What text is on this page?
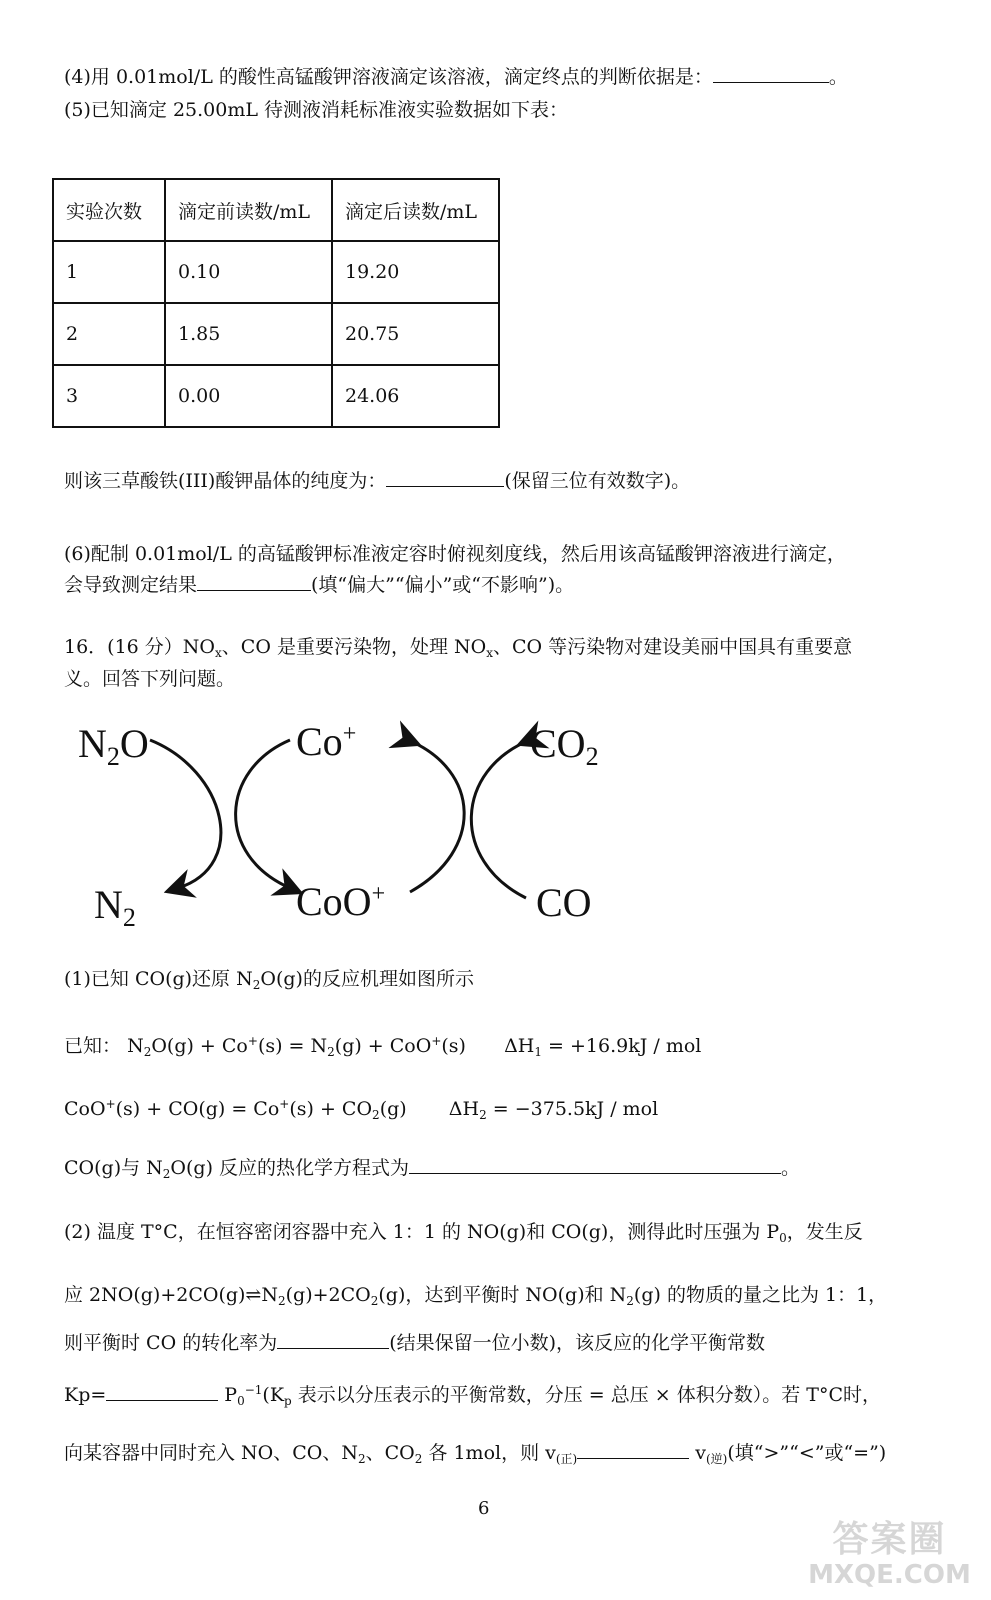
(4)用 0.01mol/L 的酸性高锰酸钾溶液滴定该溶液，滴定终点的判断依据是：	。
(5)已知滴定 25.00mL 待测液消耗标准液实验数据如下表：
实验次数	滴定前读数/mL	滴定后读数/mL
1	0.10	19.20
2	1.85	20.75
3	0.00	24.06
则该三草酸铁(III)酸钾晶体的纯度为：	(保留三位有效数字)。
(6)配制 0.01mol/L 的高锰酸钾标准液定容时俯视刻度线，然后用该高锰酸钾溶液进行滴定，
会导致测定结果	(填“偏大”“偏小”或“不影响”)。
16．(16 分）$NO_x$、CO 是重要污染物，处理 $NO_x$、CO 等污染物对建设美丽中国具有重要意
义。回答下列问题。
$N_2O$	Co+	$CO_2$
$N_2$	CoO+	CO
(1)已知 CO(g)还原 $N_2O(g)$的反应机理如图所示
已知： $N_2O(g) + Co^+(s) = N_2(g) + CoO^+(s) \Delta H_1 = +16.9kJ$ / mol
$CoO^+(s) + CO(g) = Co^+(s) + CO_2(g) \Delta H_2 = -375.5kJ$ / mol
CO(g)与 $N_2O(g)$ 反应的热化学方程式为	。
(2) 温度 T°C，在恒容密闭容器中充入 1：1 的 NO(g)和 CO(g)，测得此时压强为 $P_0$，发生反
应 $2NO(g)+2CO(g)\rightleftharpoons N_2(g)+2CO_2(g)$，达到平衡时 NO(g)和 $N_2(g)$ 的物质的量之比为 1：1，
则平衡时 CO 的转化率为	(结果保留一位小数)，该反应的化学平衡常数
Kp=	$P_0^{-1}(K_p$ 表示以分压表示的平衡常数，分压 = 总压 × 体积分数）。若 T°C时，
向某容器中同时充入 NO、CO、$N_2$、$CO_2$ 各 1mol，则 $v_{(正)}$	$v_{(逆)}$(填“>”“<”或“=”)
6
答案圈
MXQE.COM
